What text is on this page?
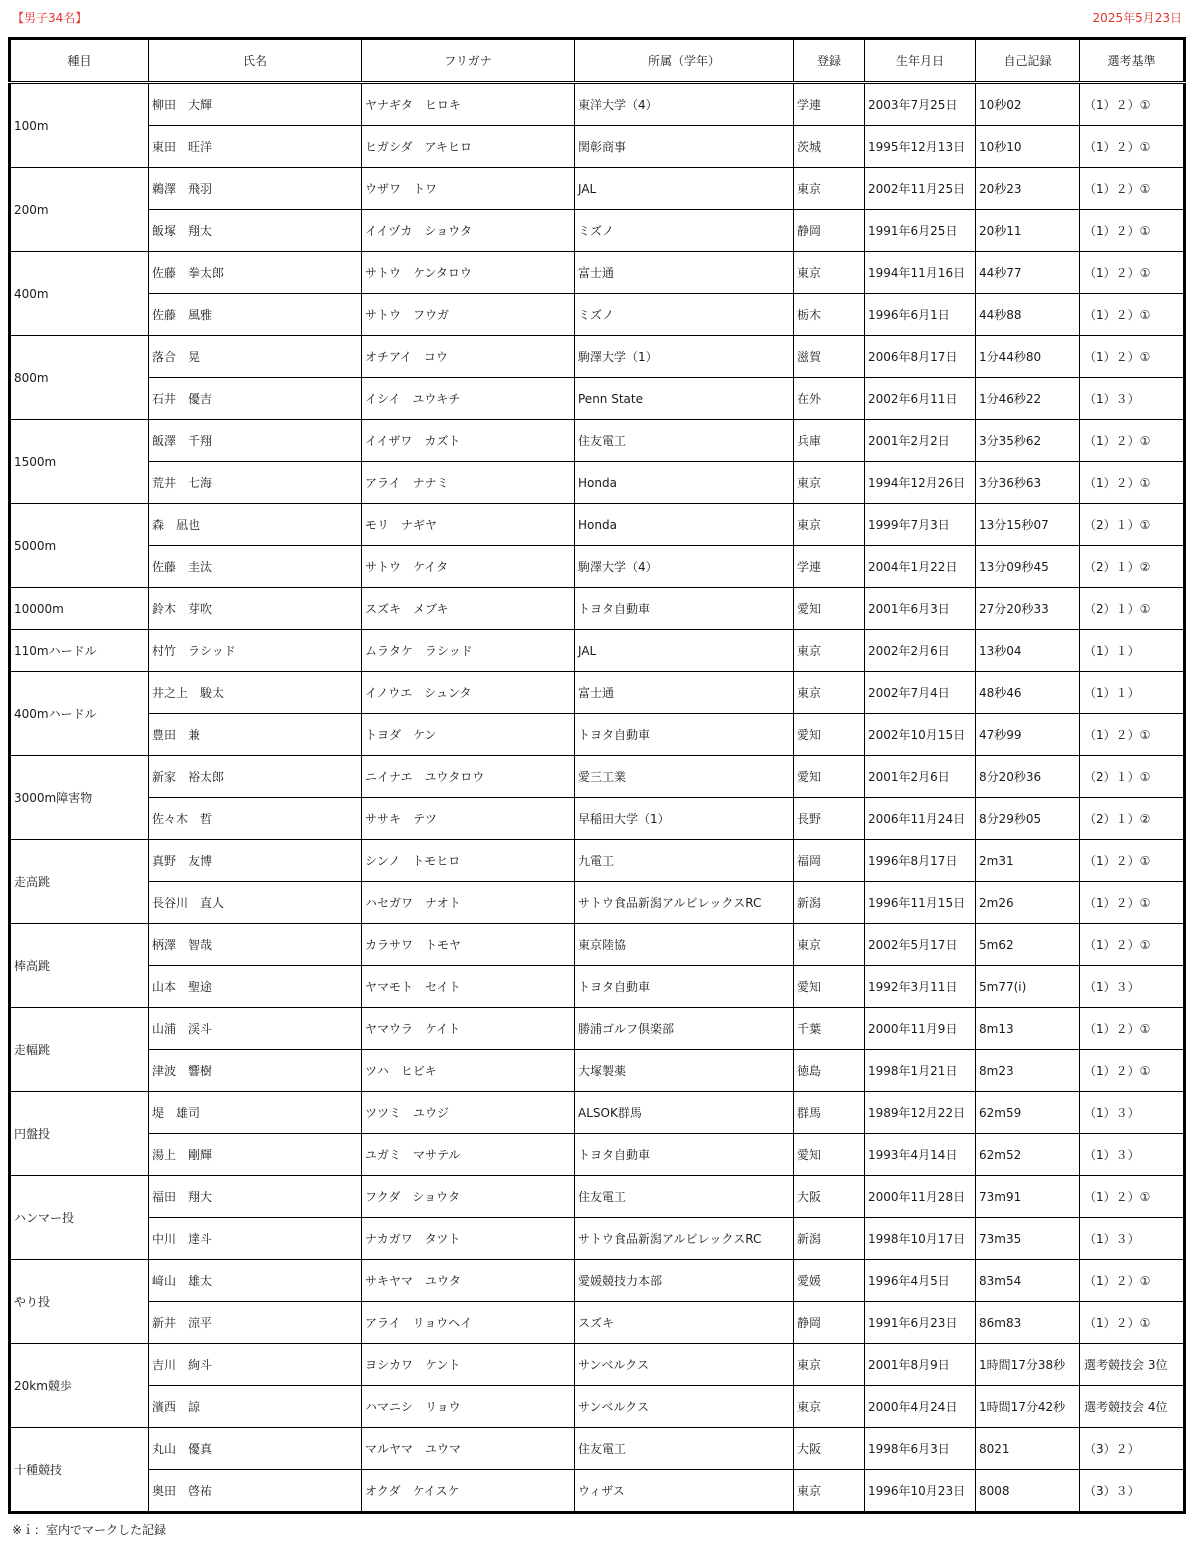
【男子34名】	2025年5月23日
種目	氏名	フリガナ	所属（学年）	登録	生年月日	自己記録	選考基準
100m	柳田　大輝	ヤナギタ　ヒロキ	東洋大学（4）	学連	2003年7月25日	10秒02	（1）２）①
	東田　旺洋	ヒガシダ　アキヒロ	関彰商事	茨城	1995年12月13日	10秒10	（1）２）①
200m	鵜澤　飛羽	ウザワ　トワ	JAL	東京	2002年11月25日	20秒23	（1）２）①
	飯塚　翔太	イイヅカ　ショウタ	ミズノ	静岡	1991年6月25日	20秒11	（1）２）①
400m	佐藤　拳太郎	サトウ　ケンタロウ	富士通	東京	1994年11月16日	44秒77	（1）２）①
	佐藤　風雅	サトウ　フウガ	ミズノ	栃木	1996年6月1日	44秒88	（1）２）①
800m	落合　晃	オチアイ　コウ	駒澤大学（1）	滋賀	2006年8月17日	1分44秒80	（1）２）①
	石井　優吉	イシイ　ユウキチ	Penn State	在外	2002年6月11日	1分46秒22	（1）３）
1500m	飯澤　千翔	イイザワ　カズト	住友電工	兵庫	2001年2月2日	3分35秒62	（1）２）①
	荒井　七海	アライ　ナナミ	Honda	東京	1994年12月26日	3分36秒63	（1）２）①
5000m	森　凪也	モリ　ナギヤ	Honda	東京	1999年7月3日	13分15秒07	（2）１）①
	佐藤　圭汰	サトウ　ケイタ	駒澤大学（4）	学連	2004年1月22日	13分09秒45	（2）１）②
10000m	鈴木　芽吹	スズキ　メブキ	トヨタ自動車	愛知	2001年6月3日	27分20秒33	（2）１）①
110mハードル	村竹　ラシッド	ムラタケ　ラシッド	JAL	東京	2002年2月6日	13秒04	（1）１）
400mハードル	井之上　駿太	イノウエ　シュンタ	富士通	東京	2002年7月4日	48秒46	（1）１）
	豊田　兼	トヨダ　ケン	トヨタ自動車	愛知	2002年10月15日	47秒99	（1）２）①
3000m障害物	新家　裕太郎	ニイナエ　ユウタロウ	愛三工業	愛知	2001年2月6日	8分20秒36	（2）１）①
	佐々木　哲	ササキ　テツ	早稲田大学（1）	長野	2006年11月24日	8分29秒05	（2）１）②
走高跳	真野　友博	シンノ　トモヒロ	九電工	福岡	1996年8月17日	2m31	（1）２）①
	長谷川　直人	ハセガワ　ナオト	サトウ食品新潟アルビレックスRC	新潟	1996年11月15日	2m26	（1）２）①
棒高跳	柄澤　智哉	カラサワ　トモヤ	東京陸協	東京	2002年5月17日	5m62	（1）２）①
	山本　聖途	ヤマモト　セイト	トヨタ自動車	愛知	1992年3月11日	5m77(i)	（1）３）
走幅跳	山浦　渓斗	ヤマウラ　ケイト	勝浦ゴルフ倶楽部	千葉	2000年11月9日	8m13	（1）２）①
	津波　響樹	ツハ　ヒビキ	大塚製薬	徳島	1998年1月21日	8m23	（1）２）①
円盤投	堤　雄司	ツツミ　ユウジ	ALSOK群馬	群馬	1989年12月22日	62m59	（1）３）
	湯上　剛輝	ユガミ　マサテル	トヨタ自動車	愛知	1993年4月14日	62m52	（1）３）
ハンマー投	福田　翔大	フクダ　ショウタ	住友電工	大阪	2000年11月28日	73m91	（1）２）①
	中川　達斗	ナカガワ　タツト	サトウ食品新潟アルビレックスRC	新潟	1998年10月17日	73m35	（1）３）
やり投	﨑山　雄太	サキヤマ　ユウタ	愛媛競技力本部	愛媛	1996年4月5日	83m54	（1）２）①
	新井　涼平	アライ　リョウヘイ	スズキ	静岡	1991年6月23日	86m83	（1）２）①
20km競歩	吉川　絢斗	ヨシカワ　ケント	サンベルクス	東京	2001年8月9日	1時間17分38秒	選考競技会 3位
	濱西　諒	ハマニシ　リョウ	サンベルクス	東京	2000年4月24日	1時間17分42秒	選考競技会 4位
十種競技	丸山　優真	マルヤマ　ユウマ	住友電工	大阪	1998年6月3日	8021	（3）２）
	奥田　啓祐	オクダ　ケイスケ	ウィザス	東京	1996年10月23日	8008	（3）３）
※ｉ：室内でマークした記録
